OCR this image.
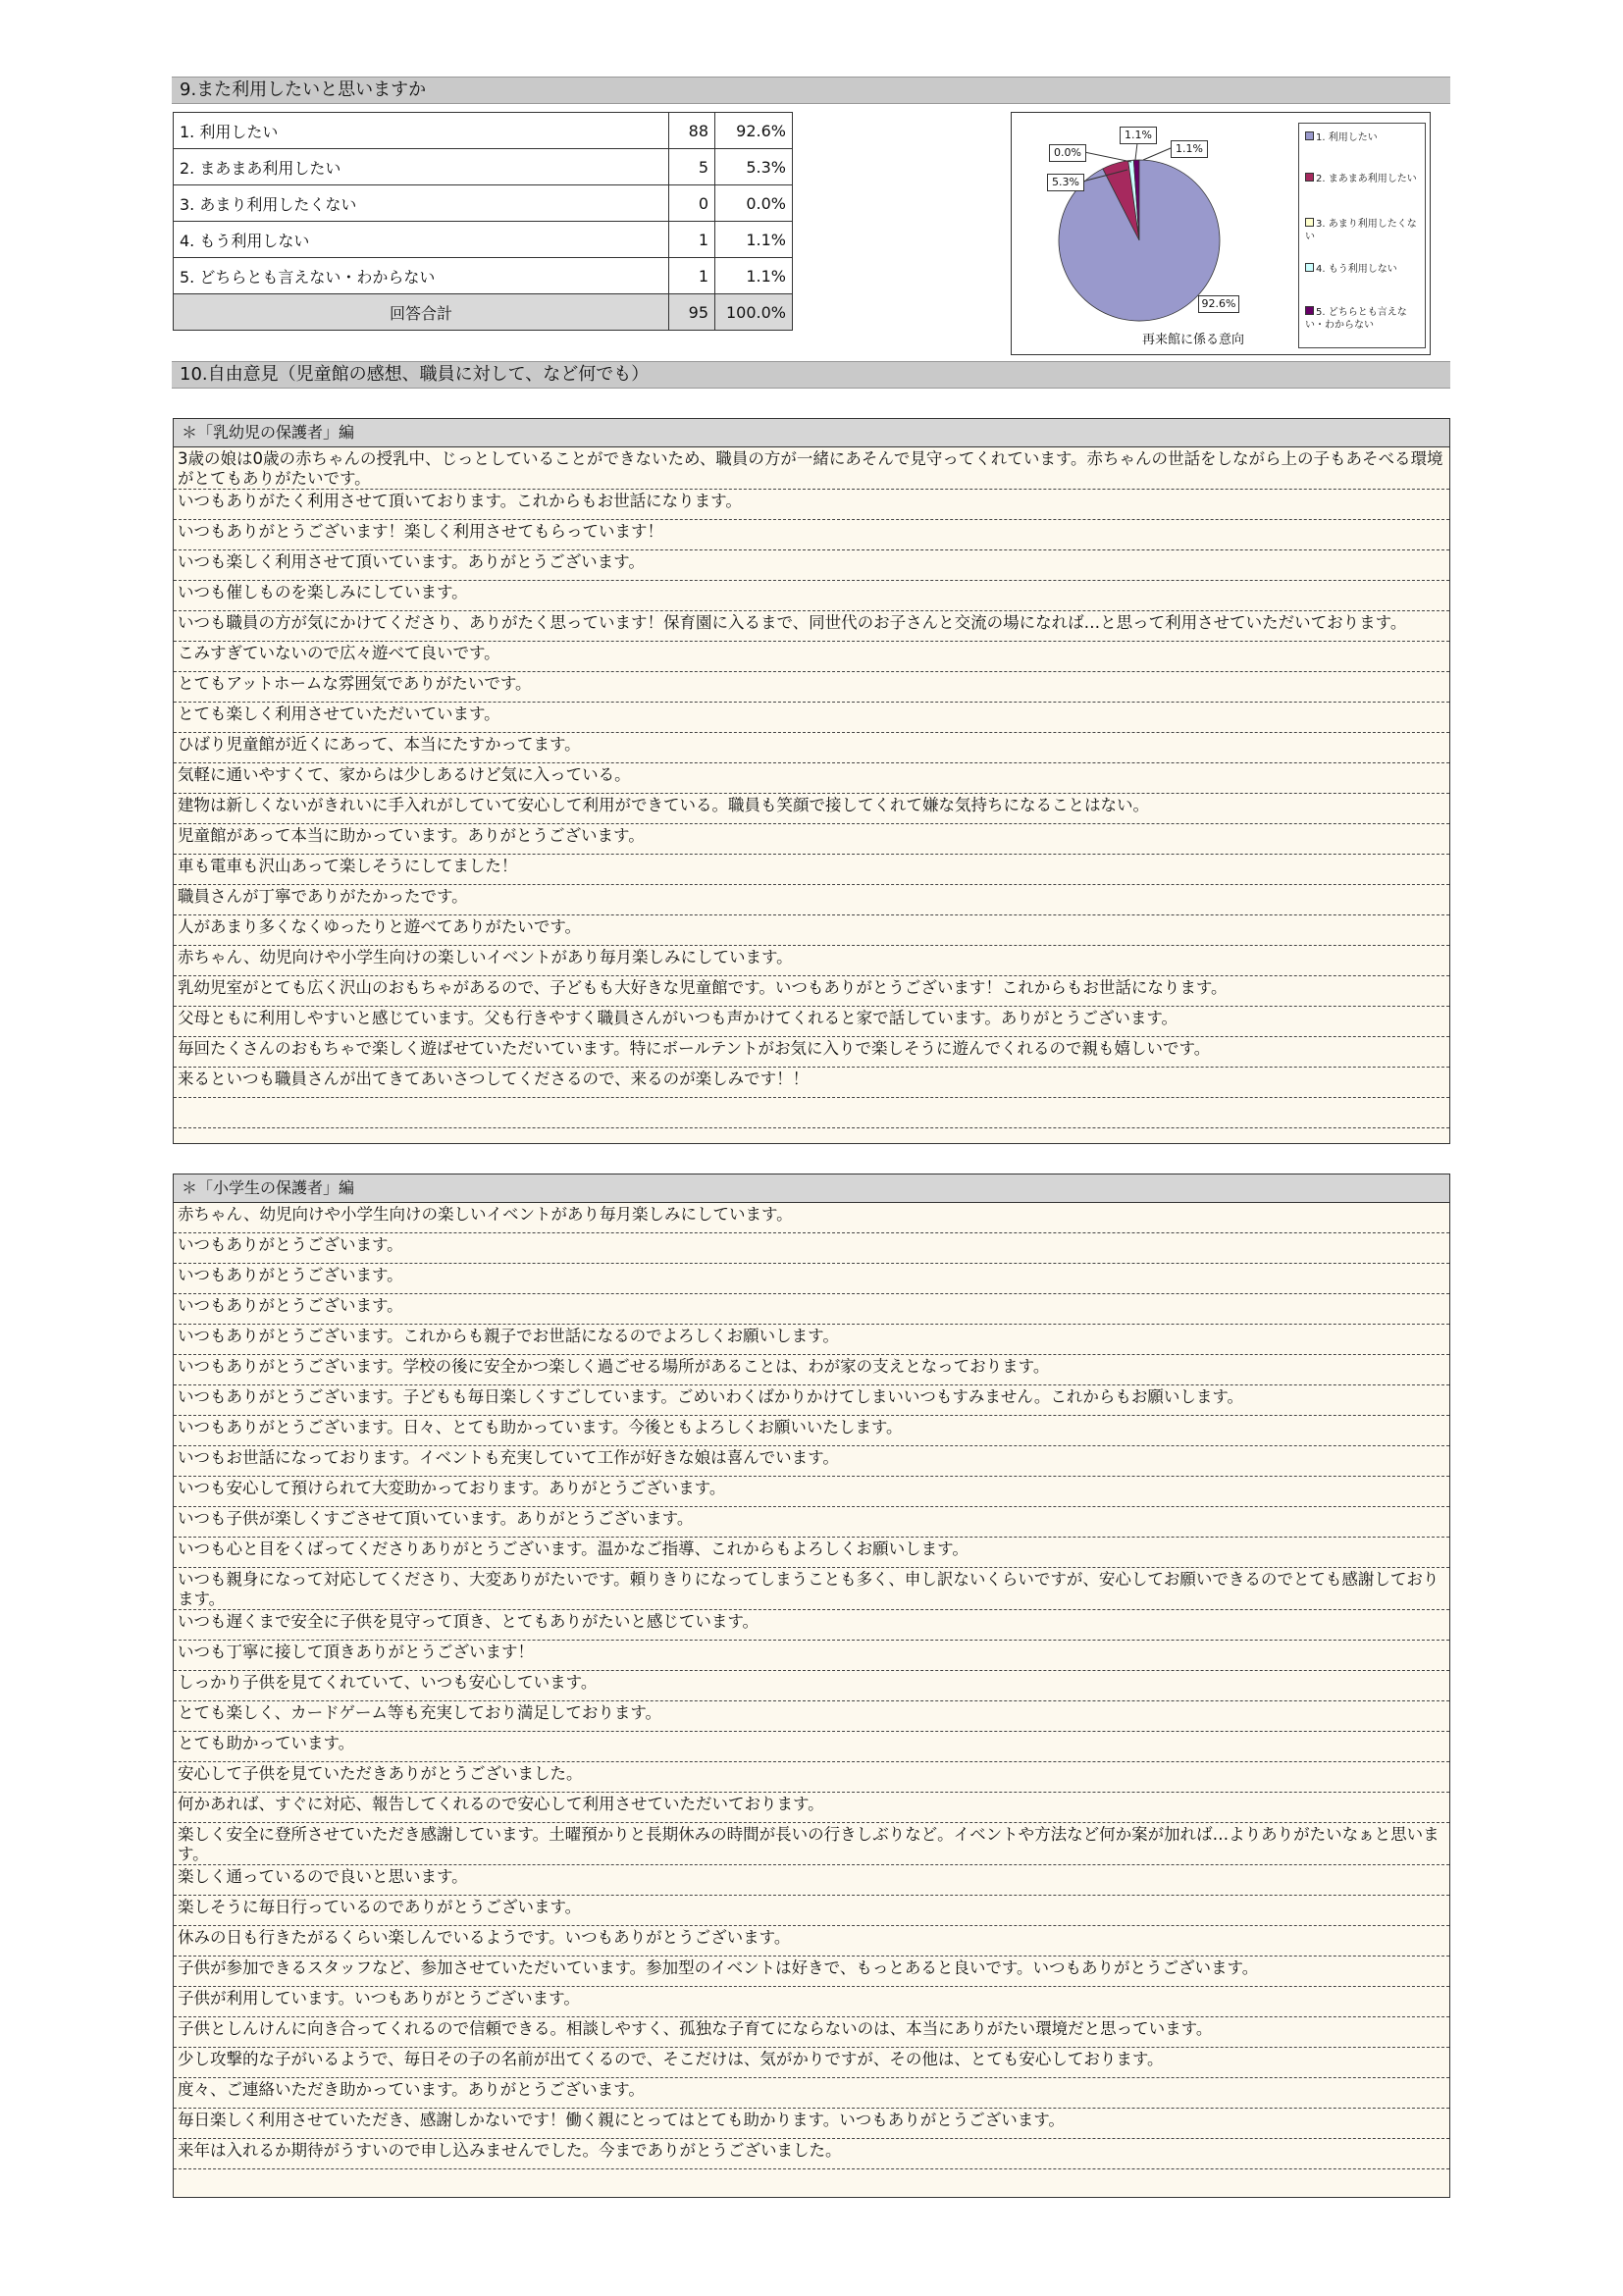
9.また利用したいと思いますか
1. 利用したい	88	92.6%
2. まあまあ利用したい	5	5.3%
3. あまり利用したくない	0	0.0%
4. もう利用しない	1	1.1%
5. どちらとも言えない・わからない	1	1.1%
回答合計	95	100.0%
5.3%
0.0%
1.1%
1.1%
92.6%
再来館に係る意向
1. 利用したい
2. まあまあ利用したい
3. あまり利用したくない
4. もう利用しない
5. どちらとも言えない・わからない
10.自由意見（児童館の感想、職員に対して、など何でも）
＊「乳幼児の保護者」編
3歳の娘は0歳の赤ちゃんの授乳中、じっとしていることができないため、職員の方が一緒にあそんで見守ってくれています。赤ちゃんの世話をしながら上の子もあそべる環境がとてもありがたいです。
いつもありがたく利用させて頂いております。これからもお世話になります。
いつもありがとうございます！楽しく利用させてもらっています！
いつも楽しく利用させて頂いています。ありがとうございます。
いつも催しものを楽しみにしています。
いつも職員の方が気にかけてくださり、ありがたく思っています！保育園に入るまで、同世代のお子さんと交流の場になれば…と思って利用させていただいております。
こみすぎていないので広々遊べて良いです。
とてもアットホームな雰囲気でありがたいです。
とても楽しく利用させていただいています。
ひばり児童館が近くにあって、本当にたすかってます。
気軽に通いやすくて、家からは少しあるけど気に入っている。
建物は新しくないがきれいに手入れがしていて安心して利用ができている。職員も笑顔で接してくれて嫌な気持ちになることはない。
児童館があって本当に助かっています。ありがとうございます。
車も電車も沢山あって楽しそうにしてました！
職員さんが丁寧でありがたかったです。
人があまり多くなくゆったりと遊べてありがたいです。
赤ちゃん、幼児向けや小学生向けの楽しいイベントがあり毎月楽しみにしています。
乳幼児室がとても広く沢山のおもちゃがあるので、子どもも大好きな児童館です。いつもありがとうございます！これからもお世話になります。
父母ともに利用しやすいと感じています。父も行きやすく職員さんがいつも声かけてくれると家で話しています。ありがとうございます。
毎回たくさんのおもちゃで楽しく遊ばせていただいています。特にボールテントがお気に入りで楽しそうに遊んでくれるので親も嬉しいです。
来るといつも職員さんが出てきてあいさつしてくださるので、来るのが楽しみです！！
＊「小学生の保護者」編
赤ちゃん、幼児向けや小学生向けの楽しいイベントがあり毎月楽しみにしています。
いつもありがとうございます。
いつもありがとうございます。
いつもありがとうございます。
いつもありがとうございます。これからも親子でお世話になるのでよろしくお願いします。
いつもありがとうございます。学校の後に安全かつ楽しく過ごせる場所があることは、わが家の支えとなっております。
いつもありがとうございます。子どもも毎日楽しくすごしています。ごめいわくばかりかけてしまいいつもすみません。これからもお願いします。
いつもありがとうございます。日々、とても助かっています。今後ともよろしくお願いいたします。
いつもお世話になっております。イベントも充実していて工作が好きな娘は喜んでいます。
いつも安心して預けられて大変助かっております。ありがとうございます。
いつも子供が楽しくすごさせて頂いています。ありがとうございます。
いつも心と目をくばってくださりありがとうございます。温かなご指導、これからもよろしくお願いします。
いつも親身になって対応してくださり、大変ありがたいです。頼りきりになってしまうことも多く、申し訳ないくらいですが、安心してお願いできるのでとても感謝しております。
いつも遅くまで安全に子供を見守って頂き、とてもありがたいと感じています。
いつも丁寧に接して頂きありがとうございます！
しっかり子供を見てくれていて、いつも安心しています。
とても楽しく、カードゲーム等も充実しており満足しております。
とても助かっています。
安心して子供を見ていただきありがとうございました。
何かあれば、すぐに対応、報告してくれるので安心して利用させていただいております。
楽しく安全に登所させていただき感謝しています。土曜預かりと長期休みの時間が長いの行きしぶりなど。イベントや方法など何か案が加れば…よりありがたいなぁと思います。
楽しく通っているので良いと思います。
楽しそうに毎日行っているのでありがとうございます。
休みの日も行きたがるくらい楽しんでいるようです。いつもありがとうございます。
子供が参加できるスタッフなど、参加させていただいています。参加型のイベントは好きで、もっとあると良いです。いつもありがとうございます。
子供が利用しています。いつもありがとうございます。
子供としんけんに向き合ってくれるので信頼できる。相談しやすく、孤独な子育てにならないのは、本当にありがたい環境だと思っています。
少し攻撃的な子がいるようで、毎日その子の名前が出てくるので、そこだけは、気がかりですが、その他は、とても安心しております。
度々、ご連絡いただき助かっています。ありがとうございます。
毎日楽しく利用させていただき、感謝しかないです！働く親にとってはとても助かります。いつもありがとうございます。
来年は入れるか期待がうすいので申し込みませんでした。今までありがとうございました。
